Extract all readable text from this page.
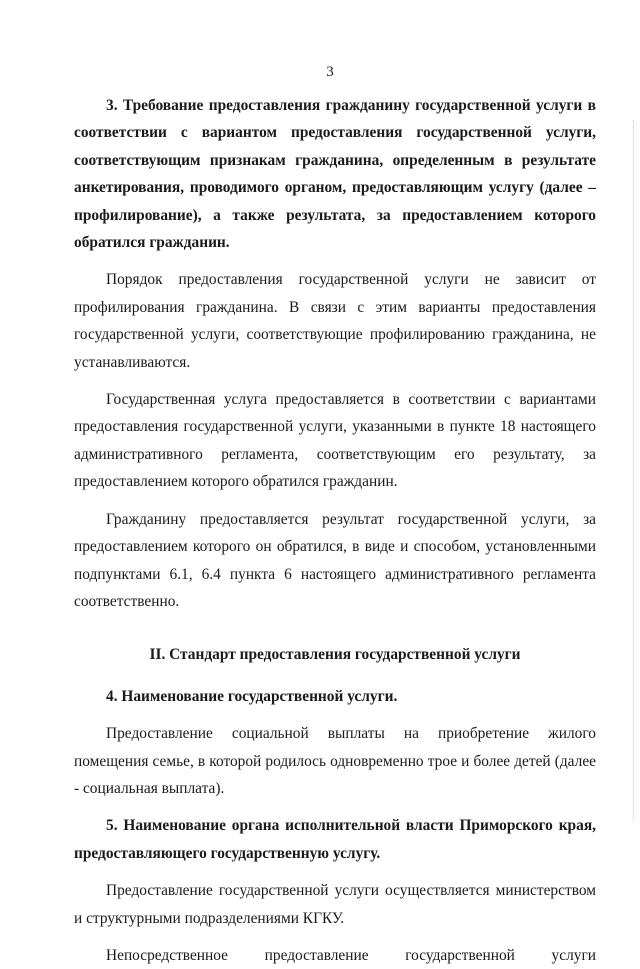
3

3. Требование предоставления гражданину государственной услуги в соответствии с вариантом предоставления государственной услуги, соответствующим признакам гражданина, определенным в результате анкетирования, проводимого органом, предоставляющим услугу (далее – профилирование), а также результата, за предоставлением которого обратился гражданин.

Порядок предоставления государственной услуги не зависит от профилирования гражданина. В связи с этим варианты предоставления государственной услуги, соответствующие профилированию гражданина, не устанавливаются.

Государственная услуга предоставляется в соответствии с вариантами предоставления государственной услуги, указанными в пункте 18 настоящего административного регламента, соответствующим его результату, за предоставлением которого обратился гражданин.

Гражданину предоставляется результат государственной услуги, за предоставлением которого он обратился, в виде и способом, установленными подпунктами 6.1, 6.4 пункта 6 настоящего административного регламента соответственно.

II. Стандарт предоставления государственной услуги

4. Наименование государственной услуги.

Предоставление социальной выплаты на приобретение жилого помещения семье, в которой родилось одновременно трое и более детей (далее - социальная выплата).

5. Наименование органа исполнительной власти Приморского края, предоставляющего государственную услугу.

Предоставление государственной услуги осуществляется министерством и структурными подразделениями КГКУ.

Непосредственное предоставление государственной услуги
